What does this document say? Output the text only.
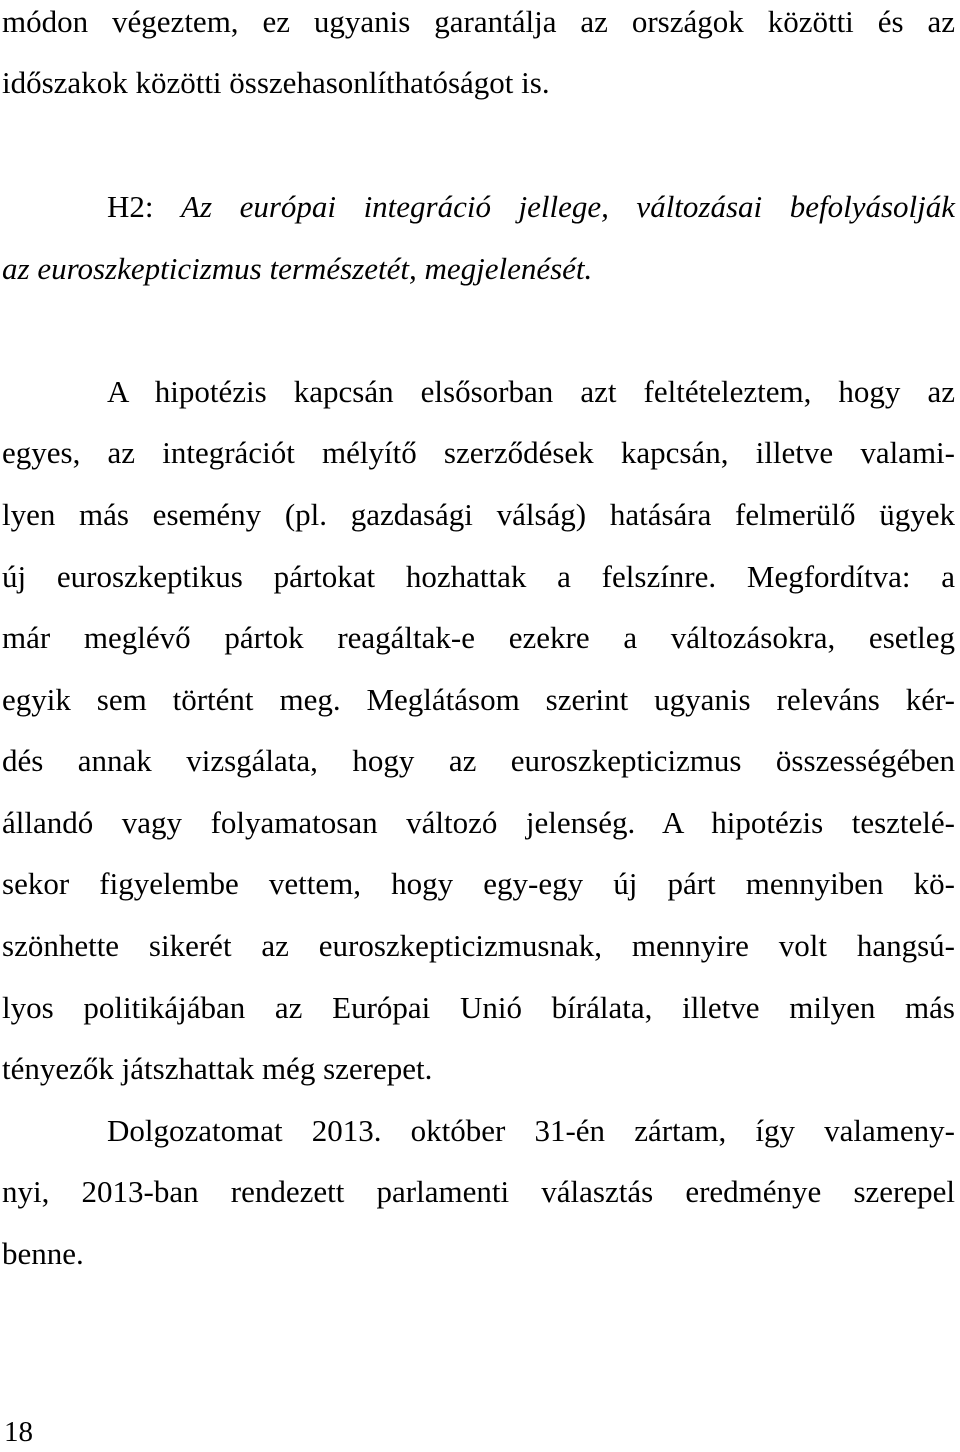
módon végeztem, ez ugyanis garantálja az országok közötti és az
időszakok közötti összehasonlíthatóságot is.
H2: Az európai integráció jellege, változásai befolyásolják
az euroszkepticizmus természetét, megjelenését.
A hipotézis kapcsán elsősorban azt feltételeztem, hogy az
egyes, az integrációt mélyítő szerződések kapcsán, illetve valami-
lyen más esemény (pl. gazdasági válság) hatására felmerülő ügyek
új euroszkeptikus pártokat hozhattak a felszínre. Megfordítva: a
már meglévő pártok reagáltak-e ezekre a változásokra, esetleg
egyik sem történt meg. Meglátásom szerint ugyanis releváns kér-
dés annak vizsgálata, hogy az euroszkepticizmus összességében
állandó vagy folyamatosan változó jelenség. A hipotézis tesztelé-
sekor figyelembe vettem, hogy egy-egy új párt mennyiben kö-
szönhette sikerét az euroszkepticizmusnak, mennyire volt hangsú-
lyos politikájában az Európai Unió bírálata, illetve milyen más
tényezők játszhattak még szerepet.
Dolgozatomat 2013. október 31-én zártam, így valameny-
nyi, 2013-ban rendezett parlamenti választás eredménye szerepel
benne.
18
